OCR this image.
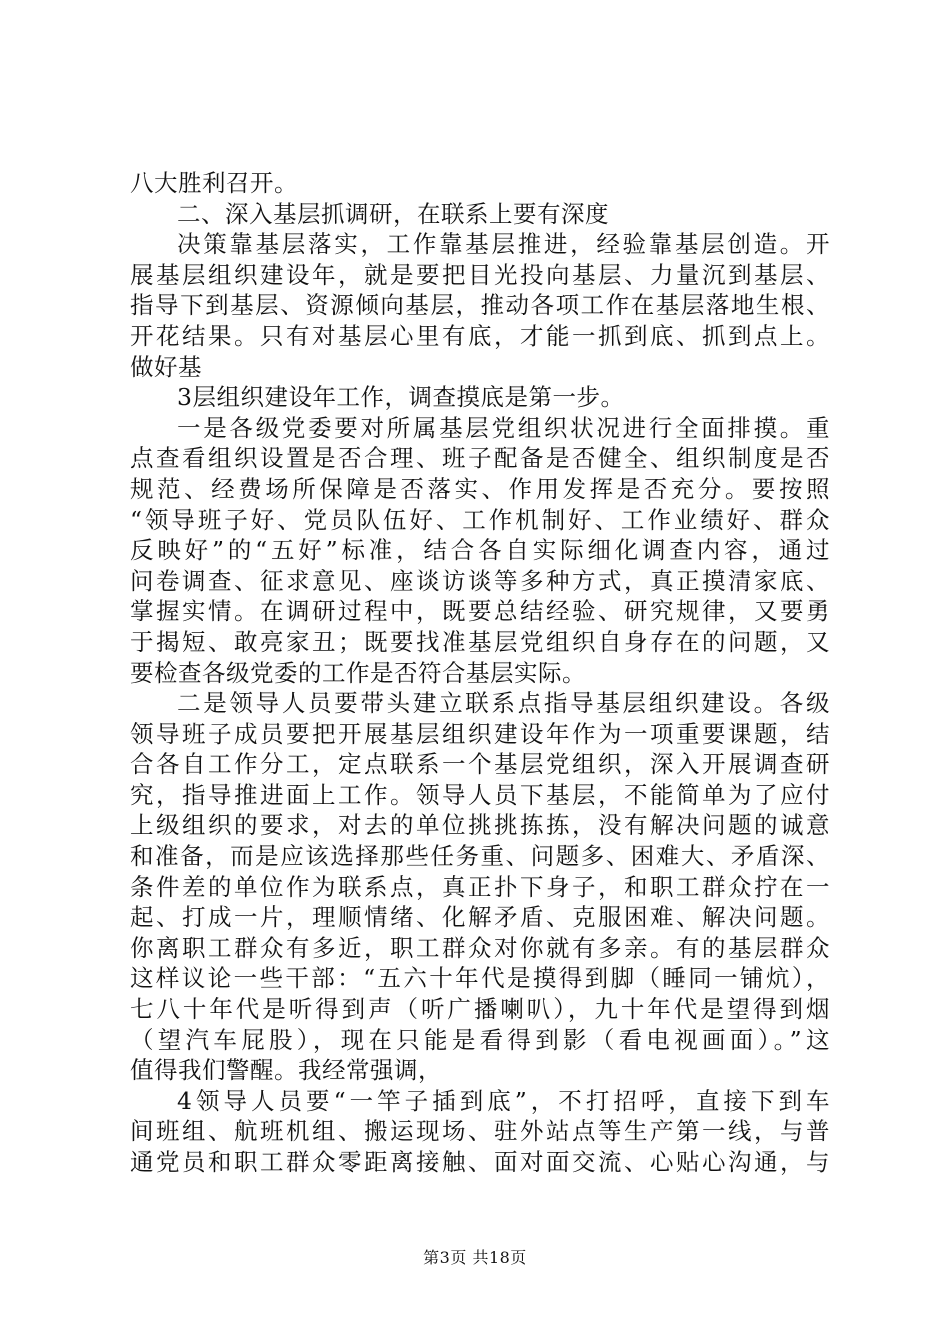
八大胜利召开。

二、深入基层抓调研，在联系上要有深度

决策靠基层落实，工作靠基层推进，经验靠基层创造。开

展基层组织建设年，就是要把目光投向基层、力量沉到基层、

指导下到基层、资源倾向基层，推动各项工作在基层落地生根、

开花结果。只有对基层心里有底，才能一抓到底、抓到点上。

做好基

3层组织建设年工作，调查摸底是第一步。

一是各级党委要对所属基层党组织状况进行全面排摸。重

点查看组织设置是否合理、班子配备是否健全、组织制度是否

规范、经费场所保障是否落实、作用发挥是否充分。要按照

“领导班子好、党员队伍好、工作机制好、工作业绩好、群众

反映好”的“五好”标准，结合各自实际细化调查内容，通过

问卷调查、征求意见、座谈访谈等多种方式，真正摸清家底、

掌握实情。在调研过程中，既要总结经验、研究规律，又要勇

于揭短、敢亮家丑；既要找准基层党组织自身存在的问题，又

要检查各级党委的工作是否符合基层实际。

二是领导人员要带头建立联系点指导基层组织建设。各级

领导班子成员要把开展基层组织建设年作为一项重要课题，结

合各自工作分工，定点联系一个基层党组织，深入开展调查研

究，指导推进面上工作。领导人员下基层，不能简单为了应付

上级组织的要求，对去的单位挑挑拣拣，没有解决问题的诚意

和准备，而是应该选择那些任务重、问题多、困难大、矛盾深、

条件差的单位作为联系点，真正扑下身子，和职工群众拧在一

起、打成一片，理顺情绪、化解矛盾、克服困难、解决问题。

你离职工群众有多近，职工群众对你就有多亲。有的基层群众

这样议论一些干部：“五六十年代是摸得到脚（睡同一铺炕），

七八十年代是听得到声（听广播喇叭），九十年代是望得到烟

（望汽车屁股），现在只能是看得到影（看电视画面）。”这

值得我们警醒。我经常强调，

4领导人员要“一竿子插到底”，不打招呼，直接下到车

间班组、航班机组、搬运现场、驻外站点等生产第一线，与普

通党员和职工群众零距离接触、面对面交流、心贴心沟通，与

第3页 共18页
